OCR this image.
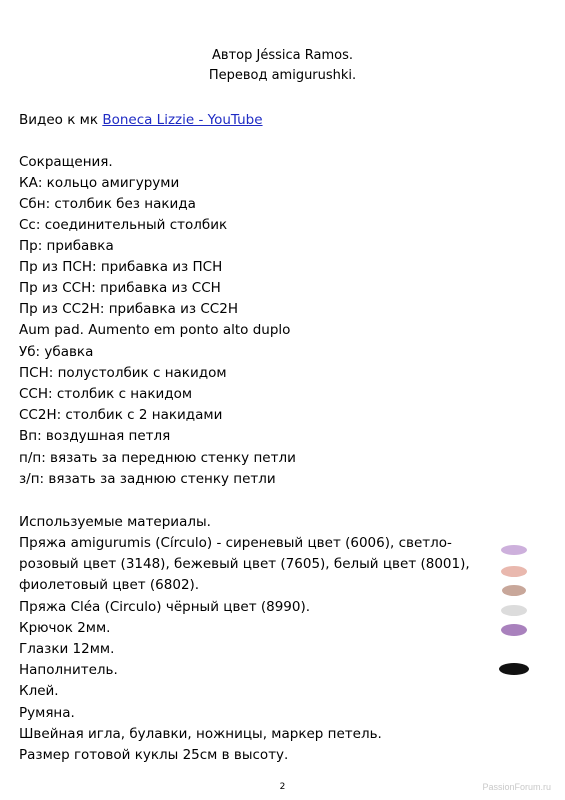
Автор Jéssica Ramos.
Перевод amigurushki.
Видео к мк Boneca Lizzie - YouTube
Сокращения.
КА: кольцо амигуруми
Сбн: столбик без накида
Сс: соединительный столбик
Пр: прибавка
Пр из ПСН: прибавка из ПСН
Пр из ССН: прибавка из ССН
Пр из СС2Н: прибавка из СС2Н
Aum pad. Aumento em ponto alto duplo
Уб: убавка
ПСН: полустолбик с накидом
ССН: столбик с накидом
СС2Н: столбик с 2 накидами
Вп: воздушная петля
п/п: вязать за переднюю стенку петли
з/п: вязать за заднюю стенку петли
Используемые материалы.
Пряжа amigurumis (Círculo) - сиреневый цвет (6006), светло-
розовый цвет (3148), бежевый цвет (7605), белый цвет (8001),
фиолетовый цвет (6802).
Пряжа Cléa (Circulo) чёрный цвет (8990).
Крючок 2мм.
Глазки 12мм.
Наполнитель.
Клей.
Румяна.
Швейная игла, булавки, ножницы, маркер петель.
Размер готовой куклы 25см в высоту.
2	PassionForum.ru
